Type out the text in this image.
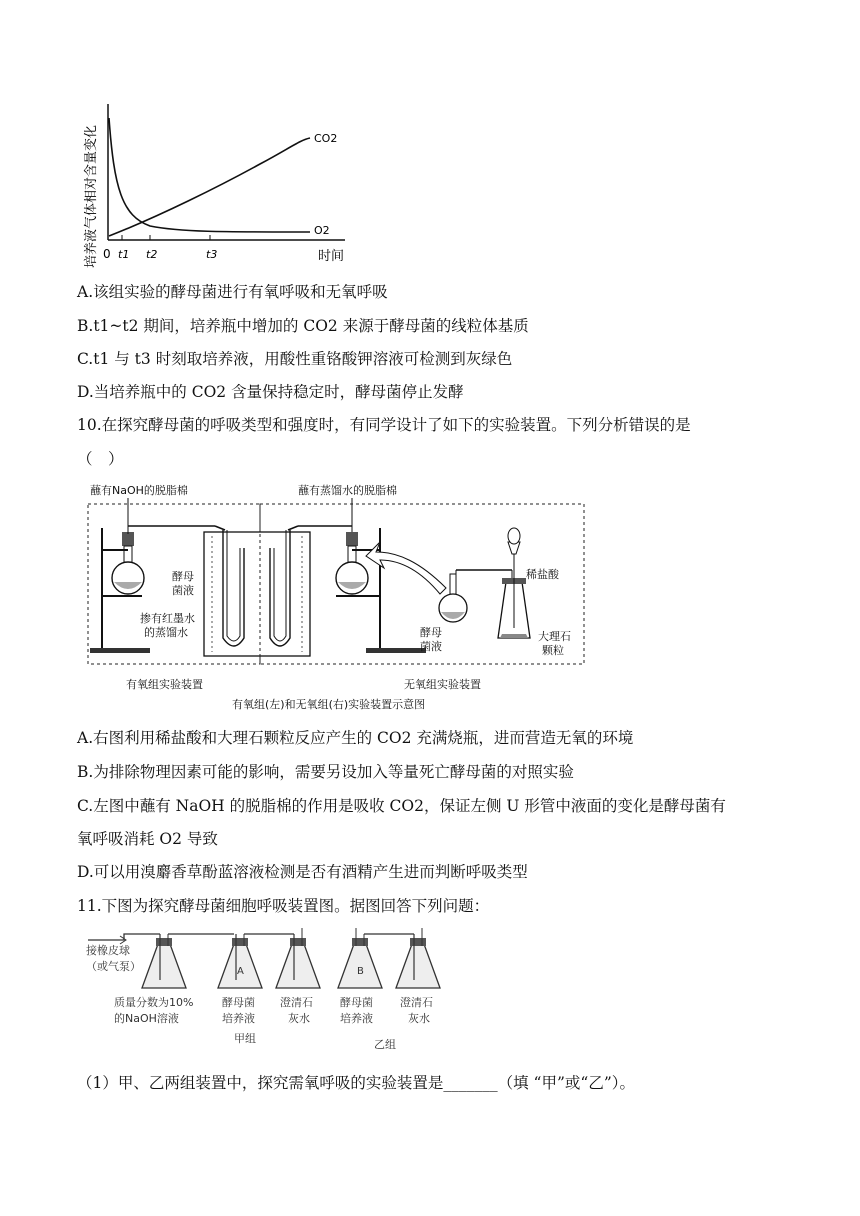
培养液气体相对含量变化 0 t1 t2	t3	时间
CO2
O2
A.该组实验的酵母菌进行有氧呼吸和无氧呼吸
B.t1~t2 期间，培养瓶中增加的 CO2 来源于酵母菌的线粒体基质
C.t1 与 t3 时刻取培养液，用酸性重铬酸钾溶液可检测到灰绿色
D.当培养瓶中的 CO2 含量保持稳定时，酵母菌停止发酵
10.在探究酵母菌的呼吸类型和强度时，有同学设计了如下的实验装置。下列分析错误的是
（　）
蘸有NaOH的脱脂棉	蘸有蒸馏水的脱脂棉
酵母
菌液
掺有红墨水
的蒸馏水
稀盐酸
酵母
菌液
大理石
颗粒
有氧组实验装置	无氧组实验装置
有氧组(左)和无氧组(右)实验装置示意图
A.右图利用稀盐酸和大理石颗粒反应产生的 CO2 充满烧瓶，进而营造无氧的环境
B.为排除物理因素可能的影响，需要另设加入等量死亡酵母菌的对照实验
C.左图中蘸有 NaOH 的脱脂棉的作用是吸收 CO2，保证左侧 U 形管中液面的变化是酵母菌有
氧呼吸消耗 O2 导致
D.可以用溴麝香草酚蓝溶液检测是否有酒精产生进而判断呼吸类型
11.下图为探究酵母菌细胞呼吸装置图。据图回答下列问题：
接橡皮球
（或气泵）	A	B
质量分数为10%
的NaOH溶液
酵母菌
培养液
澄清石
灰水
甲组
酵母菌
培养液
澄清石
灰水
乙组
（1）甲、乙两组装置中，探究需氧呼吸的实验装置是_______（填 “甲”或“乙”）。
